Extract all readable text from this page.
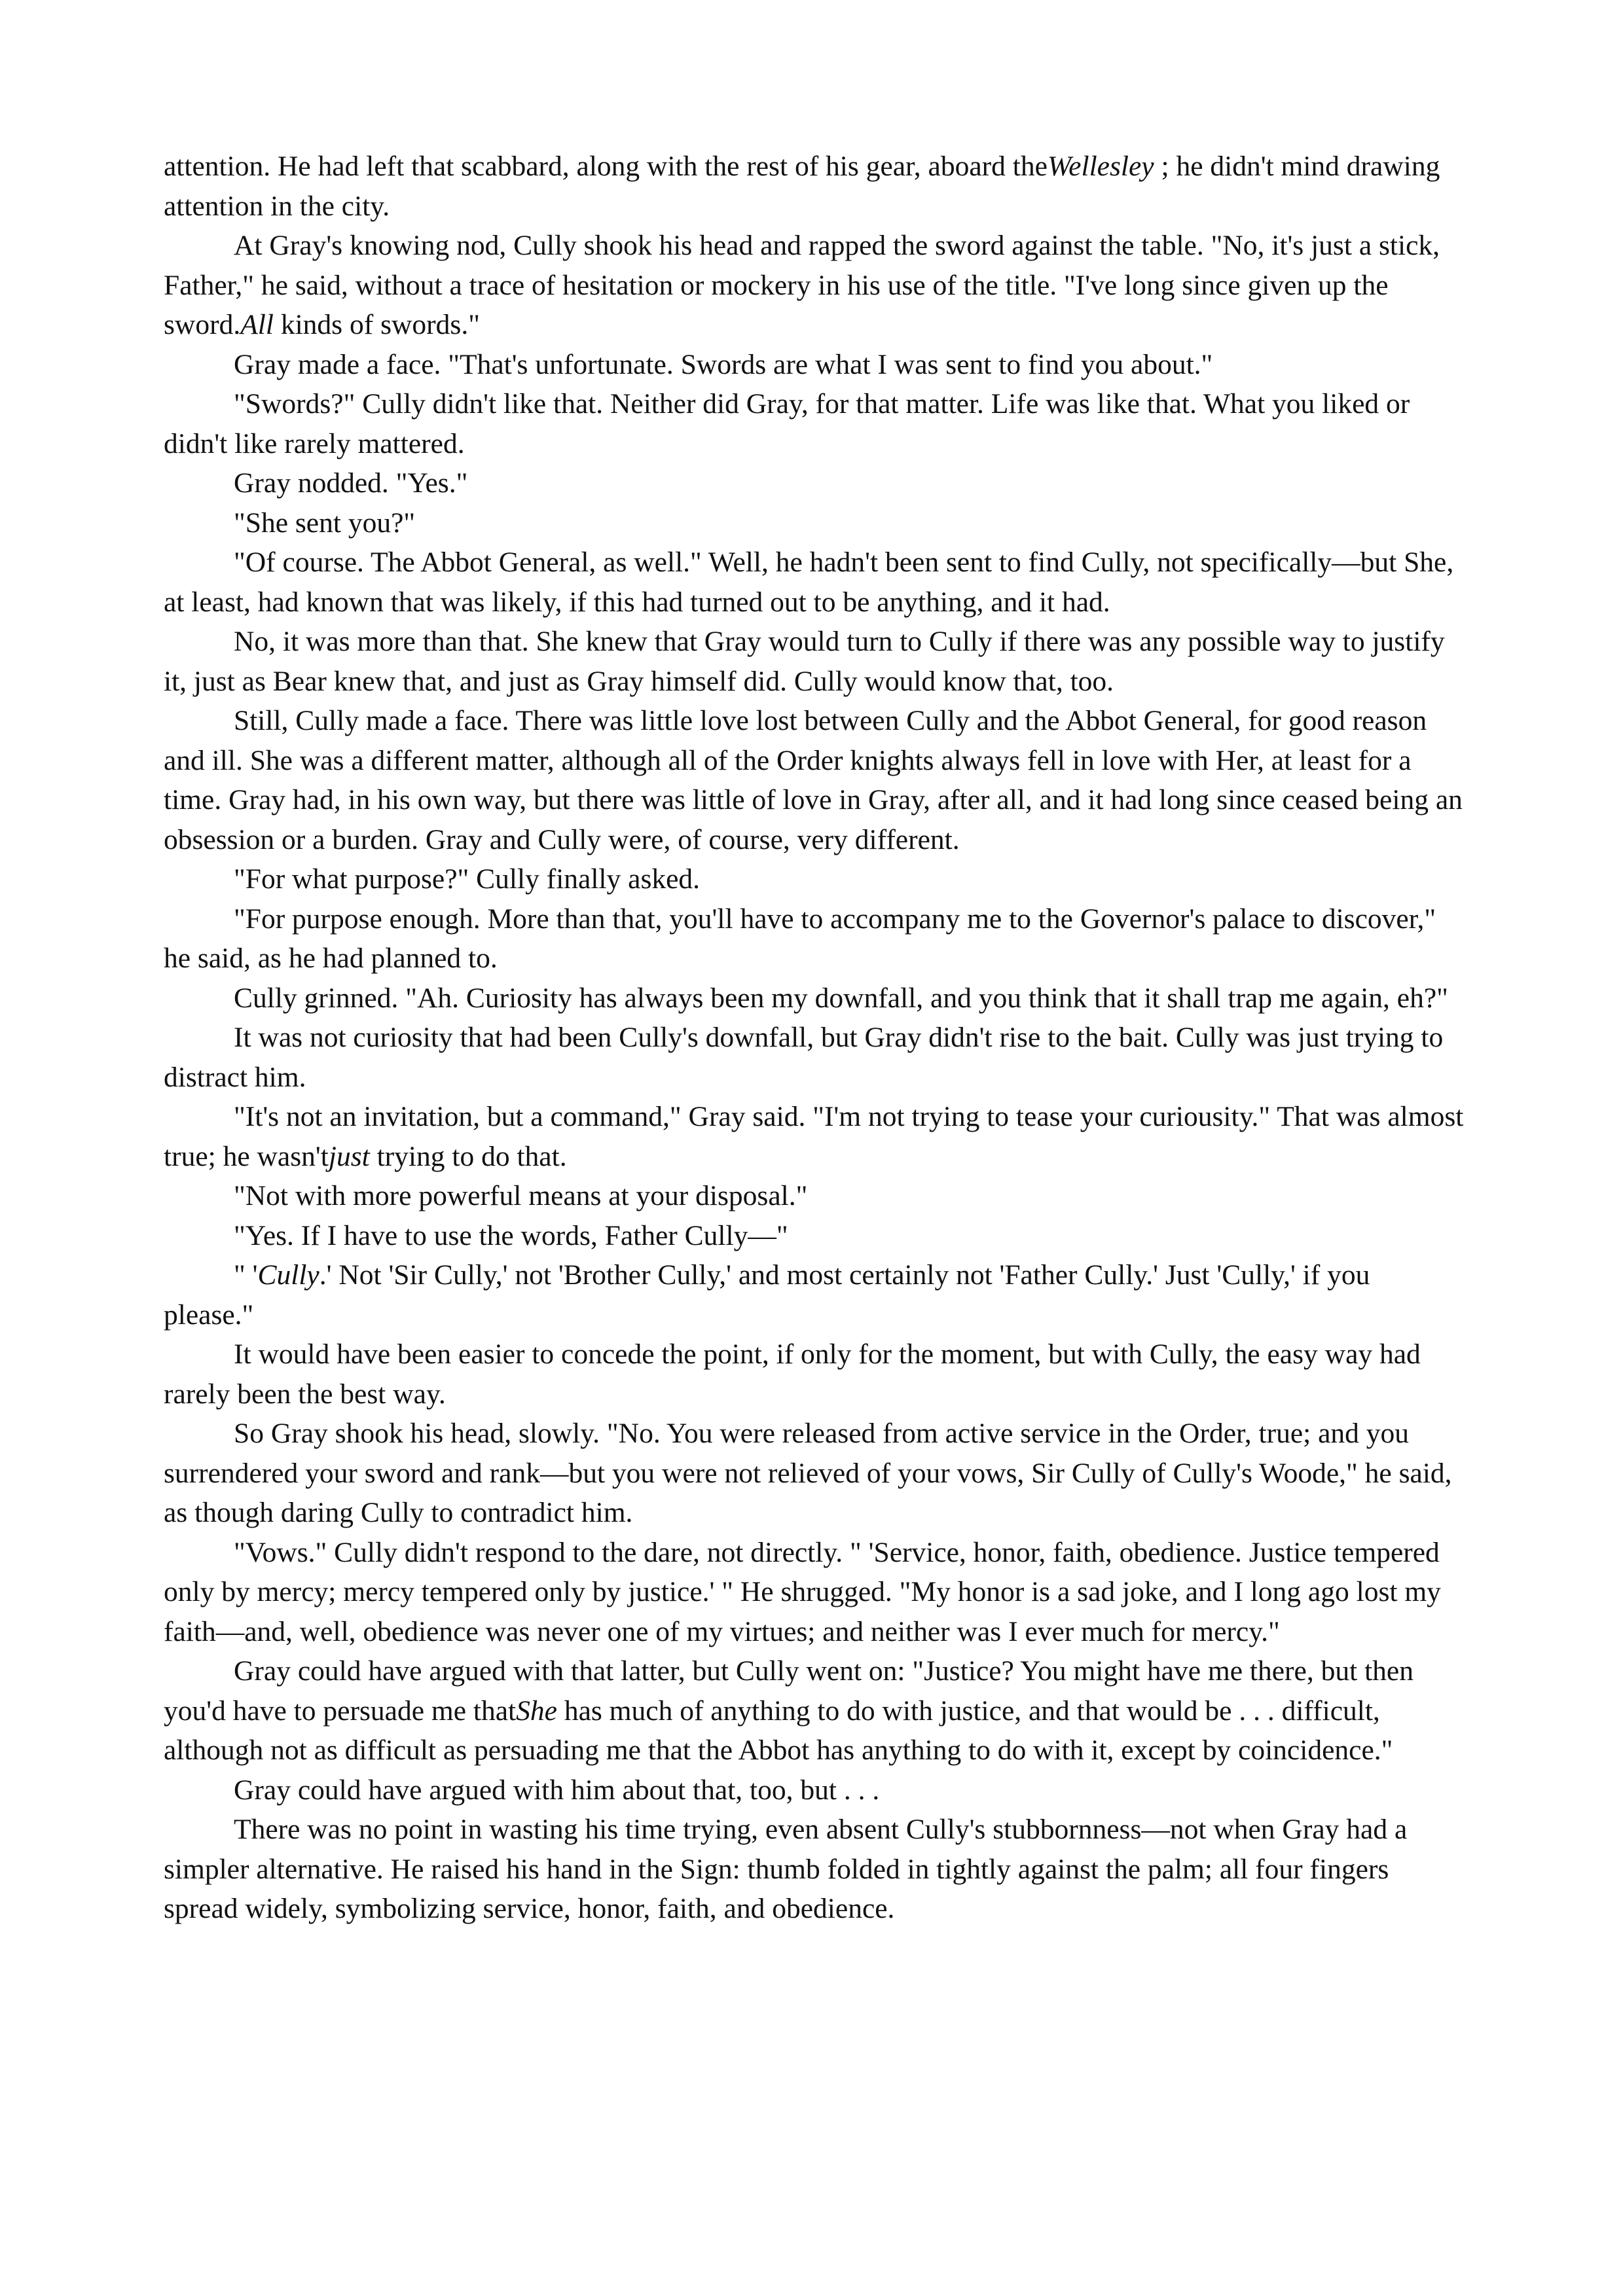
attention. He had left that scabbard, along with the rest of his gear, aboard theWellesley ; he didn't mind drawing attention in the city.

At Gray's knowing nod, Cully shook his head and rapped the sword against the table. "No, it's just a stick, Father," he said, without a trace of hesitation or mockery in his use of the title. "I've long since given up the sword.All kinds of swords."

Gray made a face. "That's unfortunate. Swords are what I was sent to find you about."

"Swords?" Cully didn't like that. Neither did Gray, for that matter. Life was like that. What you liked or didn't like rarely mattered.

Gray nodded. "Yes."

"She sent you?"

"Of course. The Abbot General, as well." Well, he hadn't been sent to find Cully, not specifically—but She, at least, had known that was likely, if this had turned out to be anything, and it had.

No, it was more than that. She knew that Gray would turn to Cully if there was any possible way to justify it, just as Bear knew that, and just as Gray himself did. Cully would know that, too.

Still, Cully made a face. There was little love lost between Cully and the Abbot General, for good reason and ill. She was a different matter, although all of the Order knights always fell in love with Her, at least for a time. Gray had, in his own way, but there was little of love in Gray, after all, and it had long since ceased being an obsession or a burden. Gray and Cully were, of course, very different.

"For what purpose?" Cully finally asked.

"For purpose enough. More than that, you'll have to accompany me to the Governor's palace to discover," he said, as he had planned to.

Cully grinned. "Ah. Curiosity has always been my downfall, and you think that it shall trap me again, eh?"

It was not curiosity that had been Cully's downfall, but Gray didn't rise to the bait. Cully was just trying to distract him.

"It's not an invitation, but a command," Gray said. "I'm not trying to tease your curiousity." That was almost true; he wasn'tjust trying to do that.

"Not with more powerful means at your disposal."

"Yes. If I have to use the words, Father Cully—"

" 'Cully.' Not 'Sir Cully,' not 'Brother Cully,' and most certainly not 'Father Cully.' Just 'Cully,' if you please."

It would have been easier to concede the point, if only for the moment, but with Cully, the easy way had rarely been the best way.

So Gray shook his head, slowly. "No. You were released from active service in the Order, true; and you surrendered your sword and rank—but you were not relieved of your vows, Sir Cully of Cully's Woode," he said, as though daring Cully to contradict him.

"Vows." Cully didn't respond to the dare, not directly. " 'Service, honor, faith, obedience. Justice tempered only by mercy; mercy tempered only by justice.' " He shrugged. "My honor is a sad joke, and I long ago lost my faith—and, well, obedience was never one of my virtues; and neither was I ever much for mercy."

Gray could have argued with that latter, but Cully went on: "Justice? You might have me there, but then you'd have to persuade me thatShe has much of anything to do with justice, and that would be . . . difficult, although not as difficult as persuading me that the Abbot has anything to do with it, except by coincidence."

Gray could have argued with him about that, too, but . . .

There was no point in wasting his time trying, even absent Cully's stubbornness—not when Gray had a simpler alternative. He raised his hand in the Sign: thumb folded in tightly against the palm; all four fingers spread widely, symbolizing service, honor, faith, and obedience.
